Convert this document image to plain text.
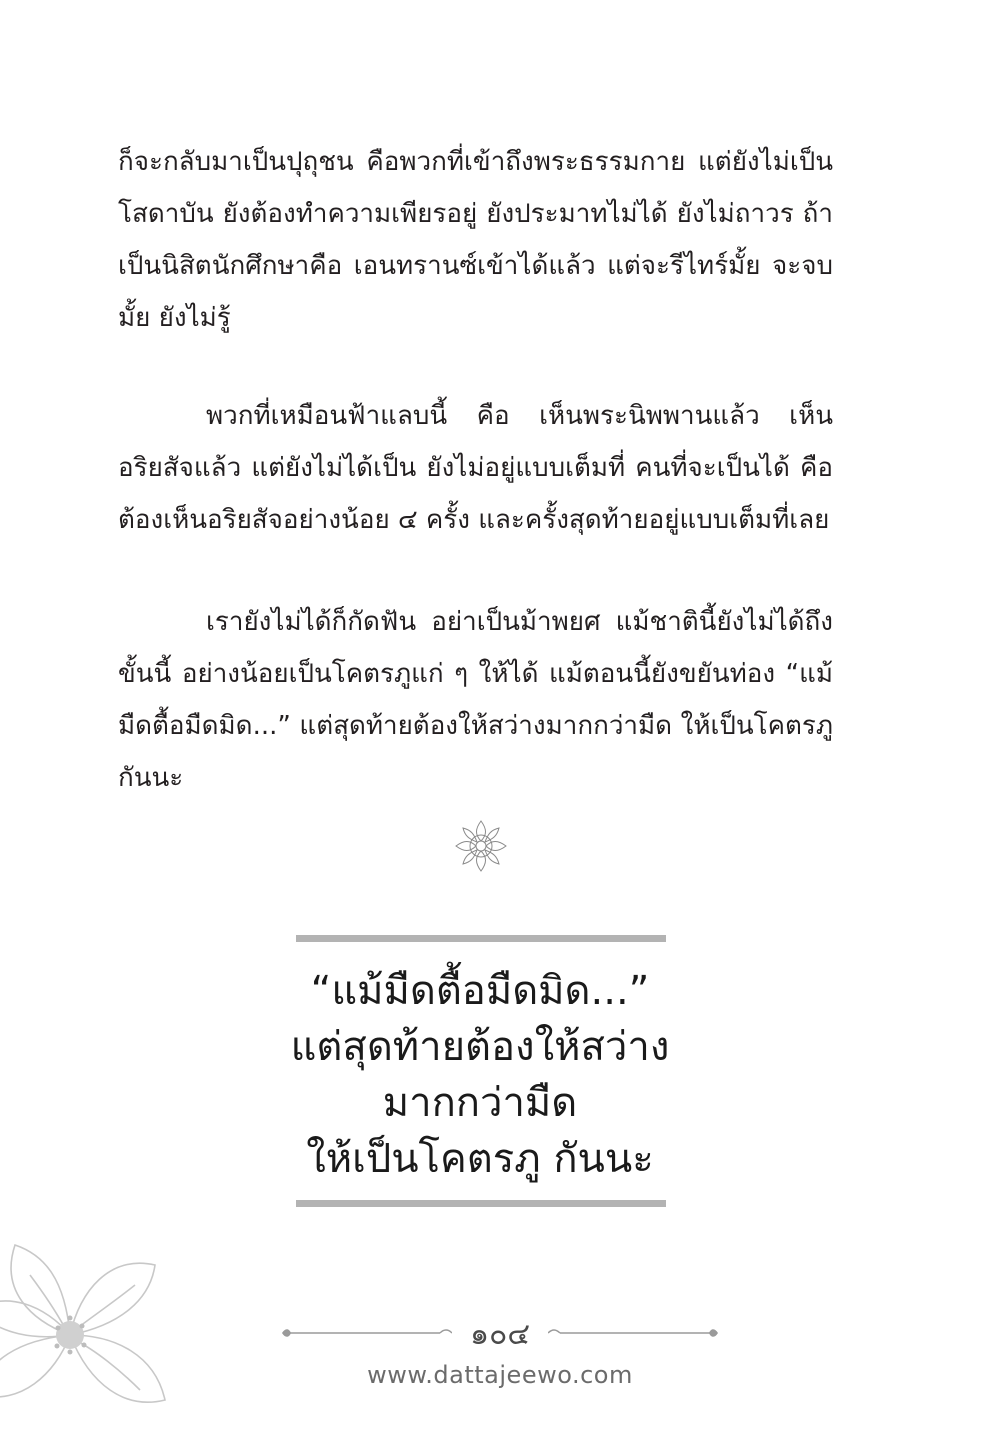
ก็จะกลับมาเป็นปุถุชน คือพวกที่เข้าถึงพระธรรมกาย แต่ยังไม่เป็นโสดาบัน ยังต้องทำความเพียรอยู่ ยังประมาทไม่ได้ ยังไม่ถาวร ถ้าเป็นนิสิตนักศึกษาคือ เอนทรานซ์เข้าได้แล้ว แต่จะรีไทร์มั้ย จะจบมั้ย ยังไม่รู้

พวกที่เหมือนฟ้าแลบนี้ คือ เห็นพระนิพพานแล้ว เห็นอริยสัจแล้ว แต่ยังไม่ได้เป็น ยังไม่อยู่แบบเต็มที่ คนที่จะเป็นได้ คือต้องเห็นอริยสัจอย่างน้อย ๔ ครั้ง และครั้งสุดท้ายอยู่แบบเต็มที่เลย

เรายังไม่ได้ก็กัดฟัน อย่าเป็นม้าพยศ แม้ชาตินี้ยังไม่ได้ถึงขั้นนี้ อย่างน้อยเป็นโคตรภูแก่ ๆ ให้ได้ แม้ตอนนี้ยังขยันท่อง “แม้มืดตื้อมืดมิด...” แต่สุดท้ายต้องให้สว่างมากกว่ามืด ให้เป็นโคตรภูกันนะ

“แม้มืดตื้อมืดมิด...”
แต่สุดท้ายต้องให้สว่าง
มากกว่ามืด
ให้เป็นโคตรภู กันนะ
๑๐๔
www.dattajeewo.com
